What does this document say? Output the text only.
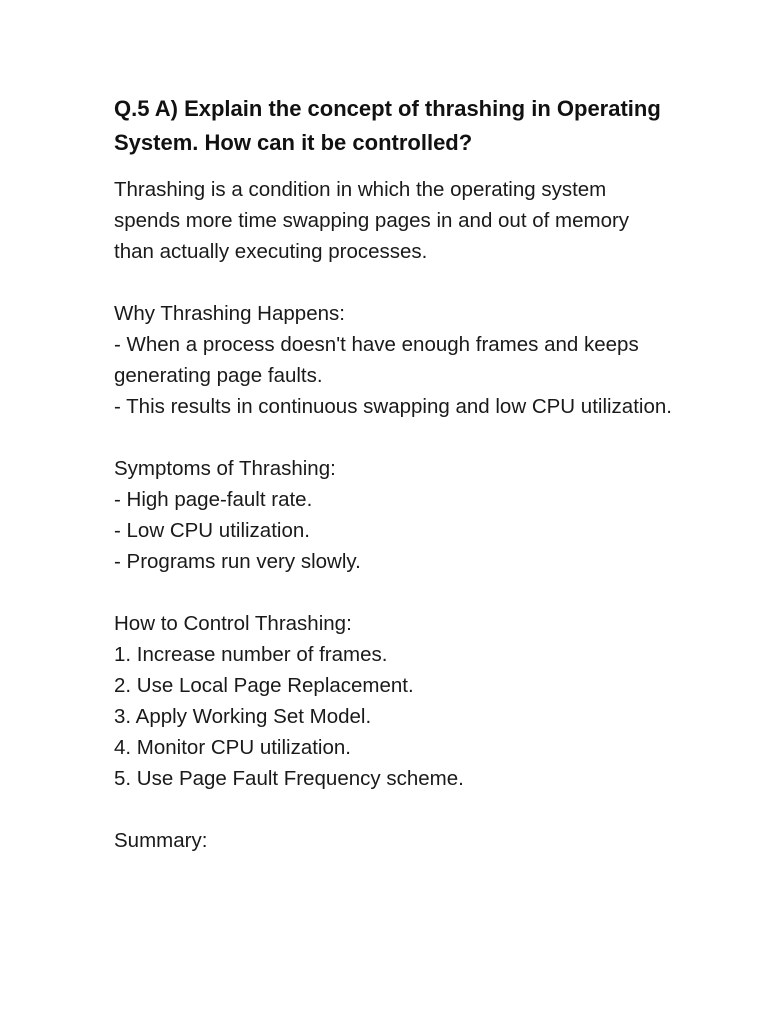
Q.5 A) Explain the concept of thrashing in Operating System. How can it be controlled?

Thrashing is a condition in which the operating system spends more time swapping pages in and out of memory than actually executing processes.

Why Thrashing Happens:

- When a process doesn't have enough frames and keeps generating page faults.

- This results in continuous swapping and low CPU utilization.

Symptoms of Thrashing:

- High page-fault rate.

- Low CPU utilization.

- Programs run very slowly.

How to Control Thrashing:

1. Increase number of frames.

2. Use Local Page Replacement.

3. Apply Working Set Model.

4. Monitor CPU utilization.

5. Use Page Fault Frequency scheme.

Summary:
